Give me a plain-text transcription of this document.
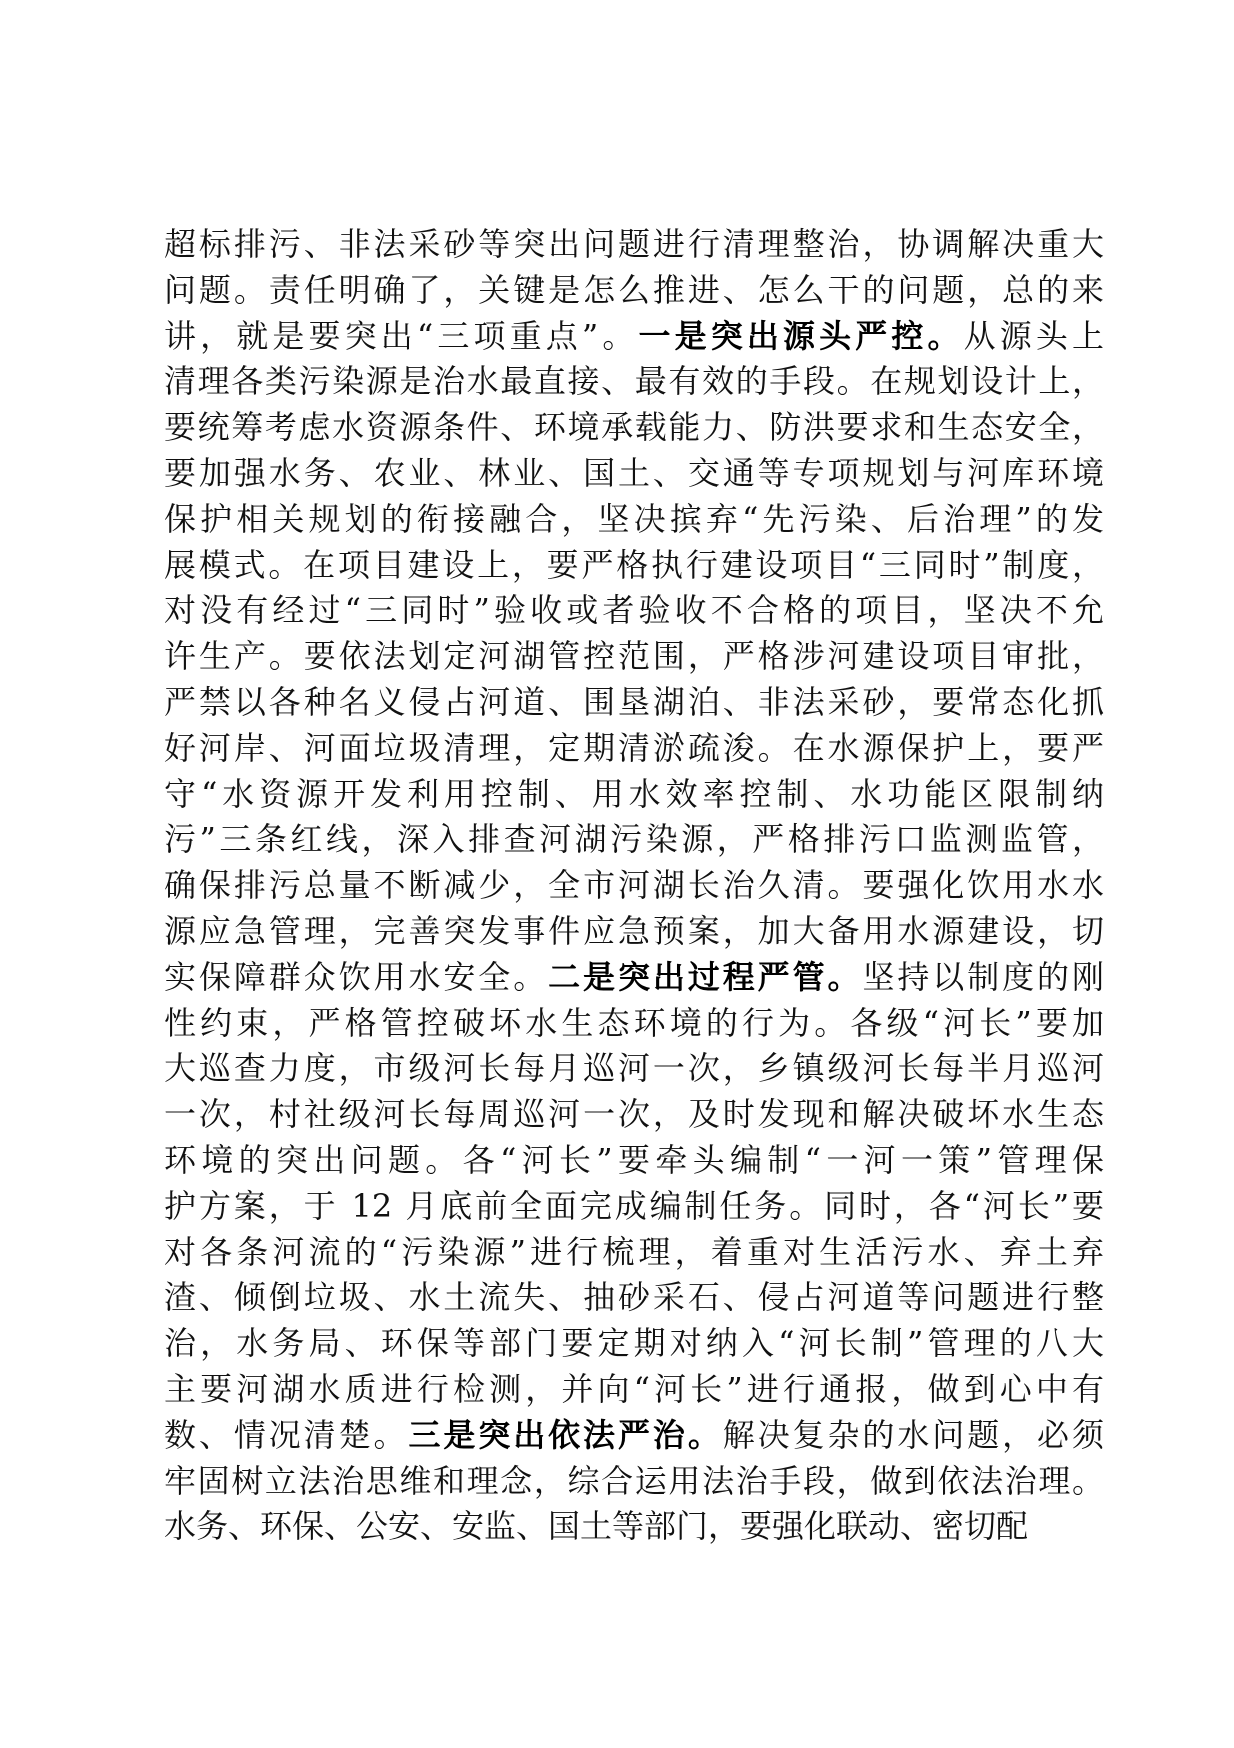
超标排污、非法采砂等突出问题进行清理整治，协调解决重大
问题。责任明确了，关键是怎么推进、怎么干的问题，总的来
讲，就是要突出“三项重点”。一是突出源头严控。从源头上
清理各类污染源是治水最直接、最有效的手段。在规划设计上，
要统筹考虑水资源条件、环境承载能力、防洪要求和生态安全，
要加强水务、农业、林业、国土、交通等专项规划与河库环境
保护相关规划的衔接融合，坚决摈弃“先污染、后治理”的发
展模式。在项目建设上，要严格执行建设项目“三同时”制度，
对没有经过“三同时”验收或者验收不合格的项目，坚决不允
许生产。要依法划定河湖管控范围，严格涉河建设项目审批，
严禁以各种名义侵占河道、围垦湖泊、非法采砂，要常态化抓
好河岸、河面垃圾清理，定期清淤疏浚。在水源保护上，要严
守“水资源开发利用控制、用水效率控制、水功能区限制纳
污”三条红线，深入排查河湖污染源，严格排污口监测监管，
确保排污总量不断减少，全市河湖长治久清。要强化饮用水水
源应急管理，完善突发事件应急预案，加大备用水源建设，切
实保障群众饮用水安全。二是突出过程严管。坚持以制度的刚
性约束，严格管控破坏水生态环境的行为。各级“河长”要加
大巡查力度，市级河长每月巡河一次，乡镇级河长每半月巡河
一次，村社级河长每周巡河一次，及时发现和解决破坏水生态
环境的突出问题。各“河长”要牵头编制“一河一策”管理保
护方案，于 12 月底前全面完成编制任务。同时，各“河长”要
对各条河流的“污染源”进行梳理，着重对生活污水、弃土弃
渣、倾倒垃圾、水土流失、抽砂采石、侵占河道等问题进行整
治，水务局、环保等部门要定期对纳入“河长制”管理的八大
主要河湖水质进行检测，并向“河长”进行通报，做到心中有
数、情况清楚。三是突出依法严治。解决复杂的水问题，必须
牢固树立法治思维和理念，综合运用法治手段，做到依法治理。
水务、环保、公安、安监、国土等部门，要强化联动、密切配
